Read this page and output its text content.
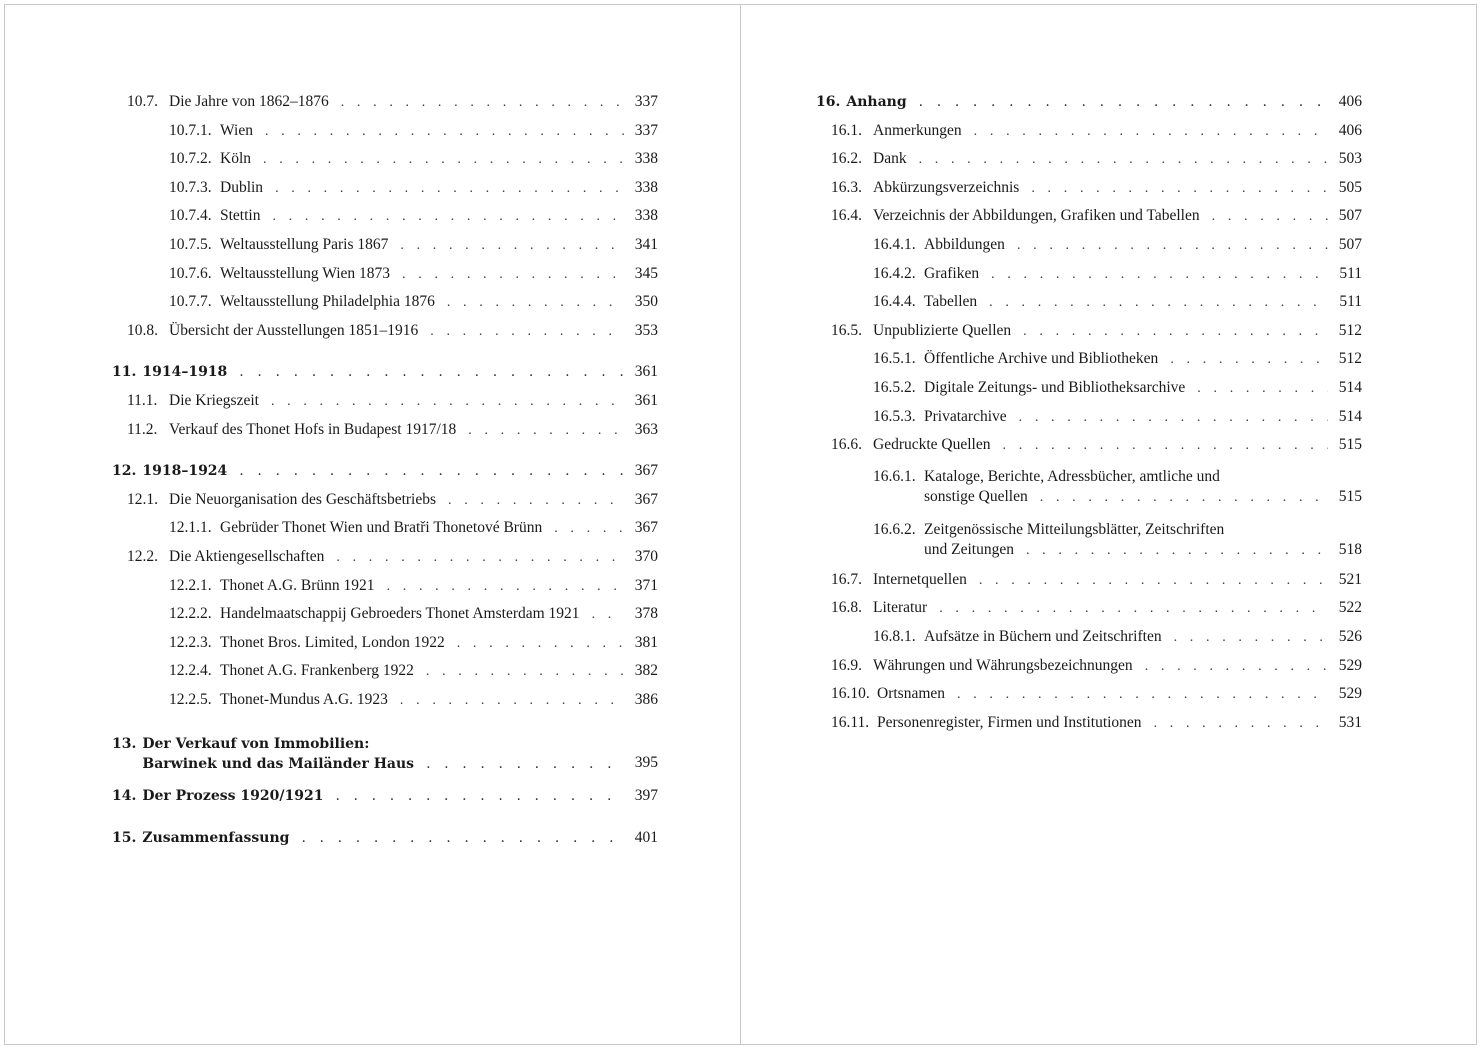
10.7. Die Jahre von 1862–1876 . . .	337
10.7.1. Wien . . .	337
10.7.2. Köln . . .	338
10.7.3. Dublin . . .	338
10.7.4. Stettin . . .	338
10.7.5. Weltausstellung Paris 1867 . . .	341
10.7.6. Weltausstellung Wien 1873 . . .	345
10.7.7. Weltausstellung Philadelphia 1876 . . .	350
10.8. Übersicht der Ausstellungen 1851–1916 . . .	353
11. 1914–1918 . . .	361
11.1. Die Kriegszeit . . .	361
11.2. Verkauf des Thonet Hofs in Budapest 1917/18 . . .	363
12. 1918–1924 . . .	367
12.1. Die Neuorganisation des Geschäftsbetriebs . . .	367
12.1.1. Gebrüder Thonet Wien und Bratři Thonetové Brünn . . .	367
12.2. Die Aktiengesellschaften . . .	370
12.2.1. Thonet A.G. Brünn 1921 . . .	371
12.2.2. Handelmaatschappij Gebroeders Thonet Amsterdam 1921 . . .	378
12.2.3. Thonet Bros. Limited, London 1922 . . .	381
12.2.4. Thonet A.G. Frankenberg 1922 . . .	382
12.2.5. Thonet-Mundus A.G. 1923 . . .	386
13. Der Verkauf von Immobilien:
Barwinek und das Mailänder Haus . . .	395
14. Der Prozess 1920/1921 . . .	397
15. Zusammenfassung . . .	401
16. Anhang . . .	406
16.1. Anmerkungen . . .	406
16.2. Dank . . .	503
16.3. Abkürzungsverzeichnis . . .	505
16.4. Verzeichnis der Abbildungen, Grafiken und Tabellen . . .	507
16.4.1. Abbildungen . . .	507
16.4.2. Grafiken . . .	511
16.4.4. Tabellen . . .	511
16.5. Unpublizierte Quellen . . .	512
16.5.1. Öffentliche Archive und Bibliotheken . . .	512
16.5.2. Digitale Zeitungs- und Bibliotheksarchive . . .	514
16.5.3. Privatarchive . . .	514
16.6. Gedruckte Quellen . . .	515
16.6.1. Kataloge, Berichte, Adressbücher, amtliche und
sonstige Quellen . . .	515
16.6.2. Zeitgenössische Mitteilungsblätter, Zeitschriften
und Zeitungen . . .	518
16.7. Internetquellen . . .	521
16.8. Literatur . . .	522
16.8.1. Aufsätze in Büchern und Zeitschriften . . .	526
16.9. Währungen und Währungsbezeichnungen . . .	529
16.10. Ortsnamen . . .	529
16.11. Personenregister, Firmen und Institutionen . . .	531
